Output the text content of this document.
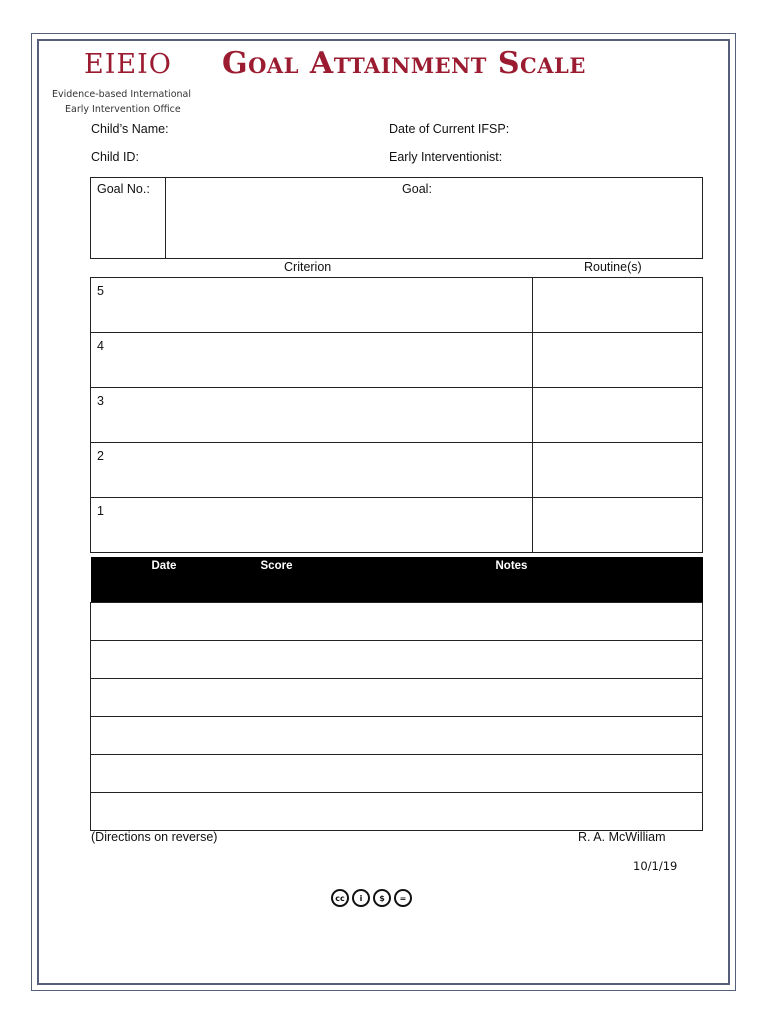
EIEIO
Evidence-based International
Early Intervention Office
Goal Attainment Scale
Child’s Name:	Date of Current IFSP:
Child ID:	Early Interventionist:
Goal No.:	Goal:
Criterion	Routine(s)
5	
4	
3	
2	
1	
	Date	Score	Notes

(Directions on reverse)	R. A. McWilliam
10/1/19
cc	i	$	=
